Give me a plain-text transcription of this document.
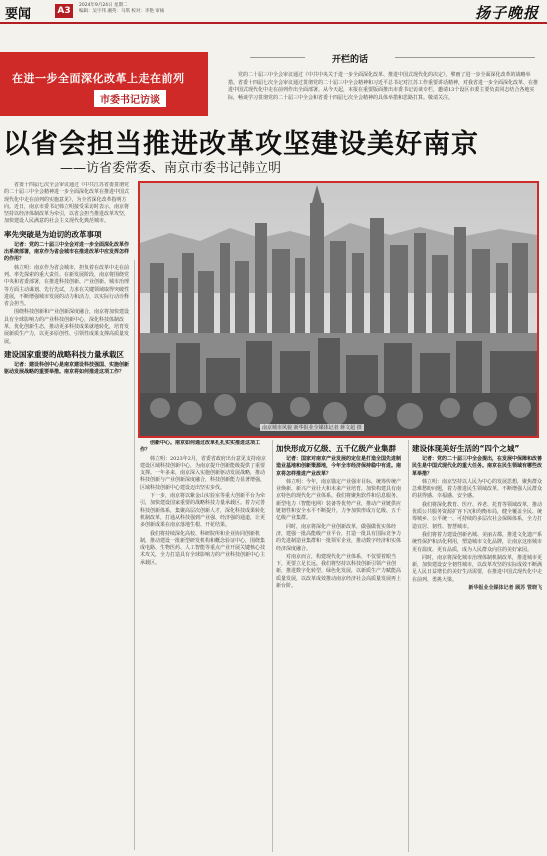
要闻	A3
2024年9月24日 星期二
编辑：吴宇伟 湘英：马琪 校对：李艳 审核	扬子晚报
在进一步全面深化改革上走在前列
市委书记访谈
开栏的话
党的二十届三中全会审议通过《中共中央关于进一步全面深化改革、推进中国式现代化的决定》，擘画了进一步全面深化改革的战略举措。省委十四届七次全会审议通过贯彻党的二十届三中全会精神和习近平总书记对江苏工作重要讲话精神，对我省进一步全面深化改革、在推进中国式现代化中走在前列作出全面部署。从今天起，本报在重要版面推出市委书记访谈专栏，邀请13个设区市委主要负责同志结合各地实际，畅谈学习贯彻党的二十届三中全会和省委十四届七次全会精神的具体举措和思路打算。敬请关注。
以省会担当推进改革攻坚建设美好南京
——访省委常委、南京市委书记韩立明
南京城市风貌 新华报业全媒体记者 蒋文超 摄

省委十四届七次全会审议通过《中共江苏省委贯彻党的二十届三中全会精神进一步全面深化改革在推进中国式现代化中走在前列的实施意见》，为全省深化改革指明方向。近日，南京市委书记韩立明接受采访时表示，南京将坚持以经济体制改革为牵引，以省会担当推进改革攻坚，加快建设人民满意的社会主义现代化典范城市。

率先突破是为迫切的改革事项

记者：党的二十届三中全会对进一步全面深化改革作出系统部署，南京作为省会城市在推进改革中应发挥怎样的作用？

韩立明：南京作为省会城市，担负着在改革中走在前列、率先探索的重大责任。在新发展阶段，南京将围绕党中央和省委部署，在推进科技创新、产业创新、城市治理等方面主动谋划、先行先试，力求在关键领域取得突破性进展，不断增强城市发展的动力和活力，以实际行动诠释省会担当。

围绕科技创新和产业创新深度融合，南京将加快建设具有全球影响力的产业科技创新中心，深化科技体制改革，优化创新生态，推动更多科技成果就地转化，培育发展新质生产力，以更多原创性、引领性成果支撑高质量发展。

建设国家重要的战略科技力量承载区

记者：建设科创中心是南京建设科技强国、实施创新驱动发展战略的重要举措。南京将如何推进这项工作？

创新中心。南京如何通过改革扎扎实实推进这项工作？

韩立明：2023年2月，省委省政府出台意见支持南京建设区域科技创新中心，为南京提升创新能级提供了重要支撑。一年多来，南京深入实施创新驱动发展战略，推动科技创新与产业创新深度融合，科技创新能力显著增强，区域科技创新中心建设迈出坚实步伐。

下一步，南京将以紫金山实验室等重大创新平台为牵引，加快建设国家重要的战略科技力量承载区。着力完善科技创新体系，集聚高层次创新人才，深化科技成果转化机制改革，打通从科技强到产业强、经济强的通道，让更多创新成果在南京落地生根、开花结果。

我们将持续深化高校、科研院所和企业协同创新机制，推动建设一批新型研发机构和概念验证中心，围绕集成电路、生物医药、人工智能等重点产业开展关键核心技术攻关，全力打造具有全球影响力的产业科技创新中心主承载区。

加快形成万亿级、五千亿级产业集群

记者：国家对南京产业发展的定位是打造全国先进制造业基地和创新策源地，今年全市经济保持稳中有进。南京将怎样推进产业改革？

韩立明：今年，南京锚定产业强市目标，统筹传统产业焕新、新兴产业壮大和未来产业培育，加快构建具有南京特色的现代化产业体系。我们将聚焦软件和信息服务、新型电力（智能电网）装备等优势产业，推动产业链供应链韧性和安全水平不断提升，力争加快形成万亿级、五千亿级产业集群。

同时，南京将深化产业创新改革，做强做优实体经济，建强一批高能级产业平台，打造一批具有国际竞争力的先进制造业集群和一批领军企业，推动数字经济和实体经济深度融合。

对南京而言，构建现代化产业体系，不仅要着眼当下，更要立足长远。我们将坚持以科技创新引领产业创新，推进数字化转型、绿色化发展，以新质生产力赋能高质量发展，以改革成效推动南京经济社会高质量发展再上新台阶。

建设体现美好生活的“四个之城”

记者：党的二十届三中全会提出，在发展中保障和改善民生是中国式现代化的重大任务。南京在民生领域有哪些改革举措？

韩立明：南京坚持以人民为中心的发展思想，聚焦群众急难愁盼问题，着力推进民生领域改革，不断增强人民群众的获得感、幸福感、安全感。

我们将深化教育、医疗、养老、托育等领域改革，推动优质公共服务资源扩容下沉和均衡布局，健全覆盖全民、统筹城乡、公平统一、可持续的多层次社会保障体系，全力打造宜居、韧性、智慧城市。

我们将着力建设创新名城、美丽古都，推进文化遗产系统性保护和活化利用，塑造城市文化品牌，让南京这座城市更有温度、更有品质，成为人民群众向往的美好家园。

同时，南京将深化城市治理体制机制改革，推进城市更新，加快建设安全韧性城市，以改革攻坚的实际成效不断满足人民日益增长的美好生活需要，在推进中国式现代化中走在前列、勇挑大梁。

新华报业全媒体记者 顾苏 管晓飞
